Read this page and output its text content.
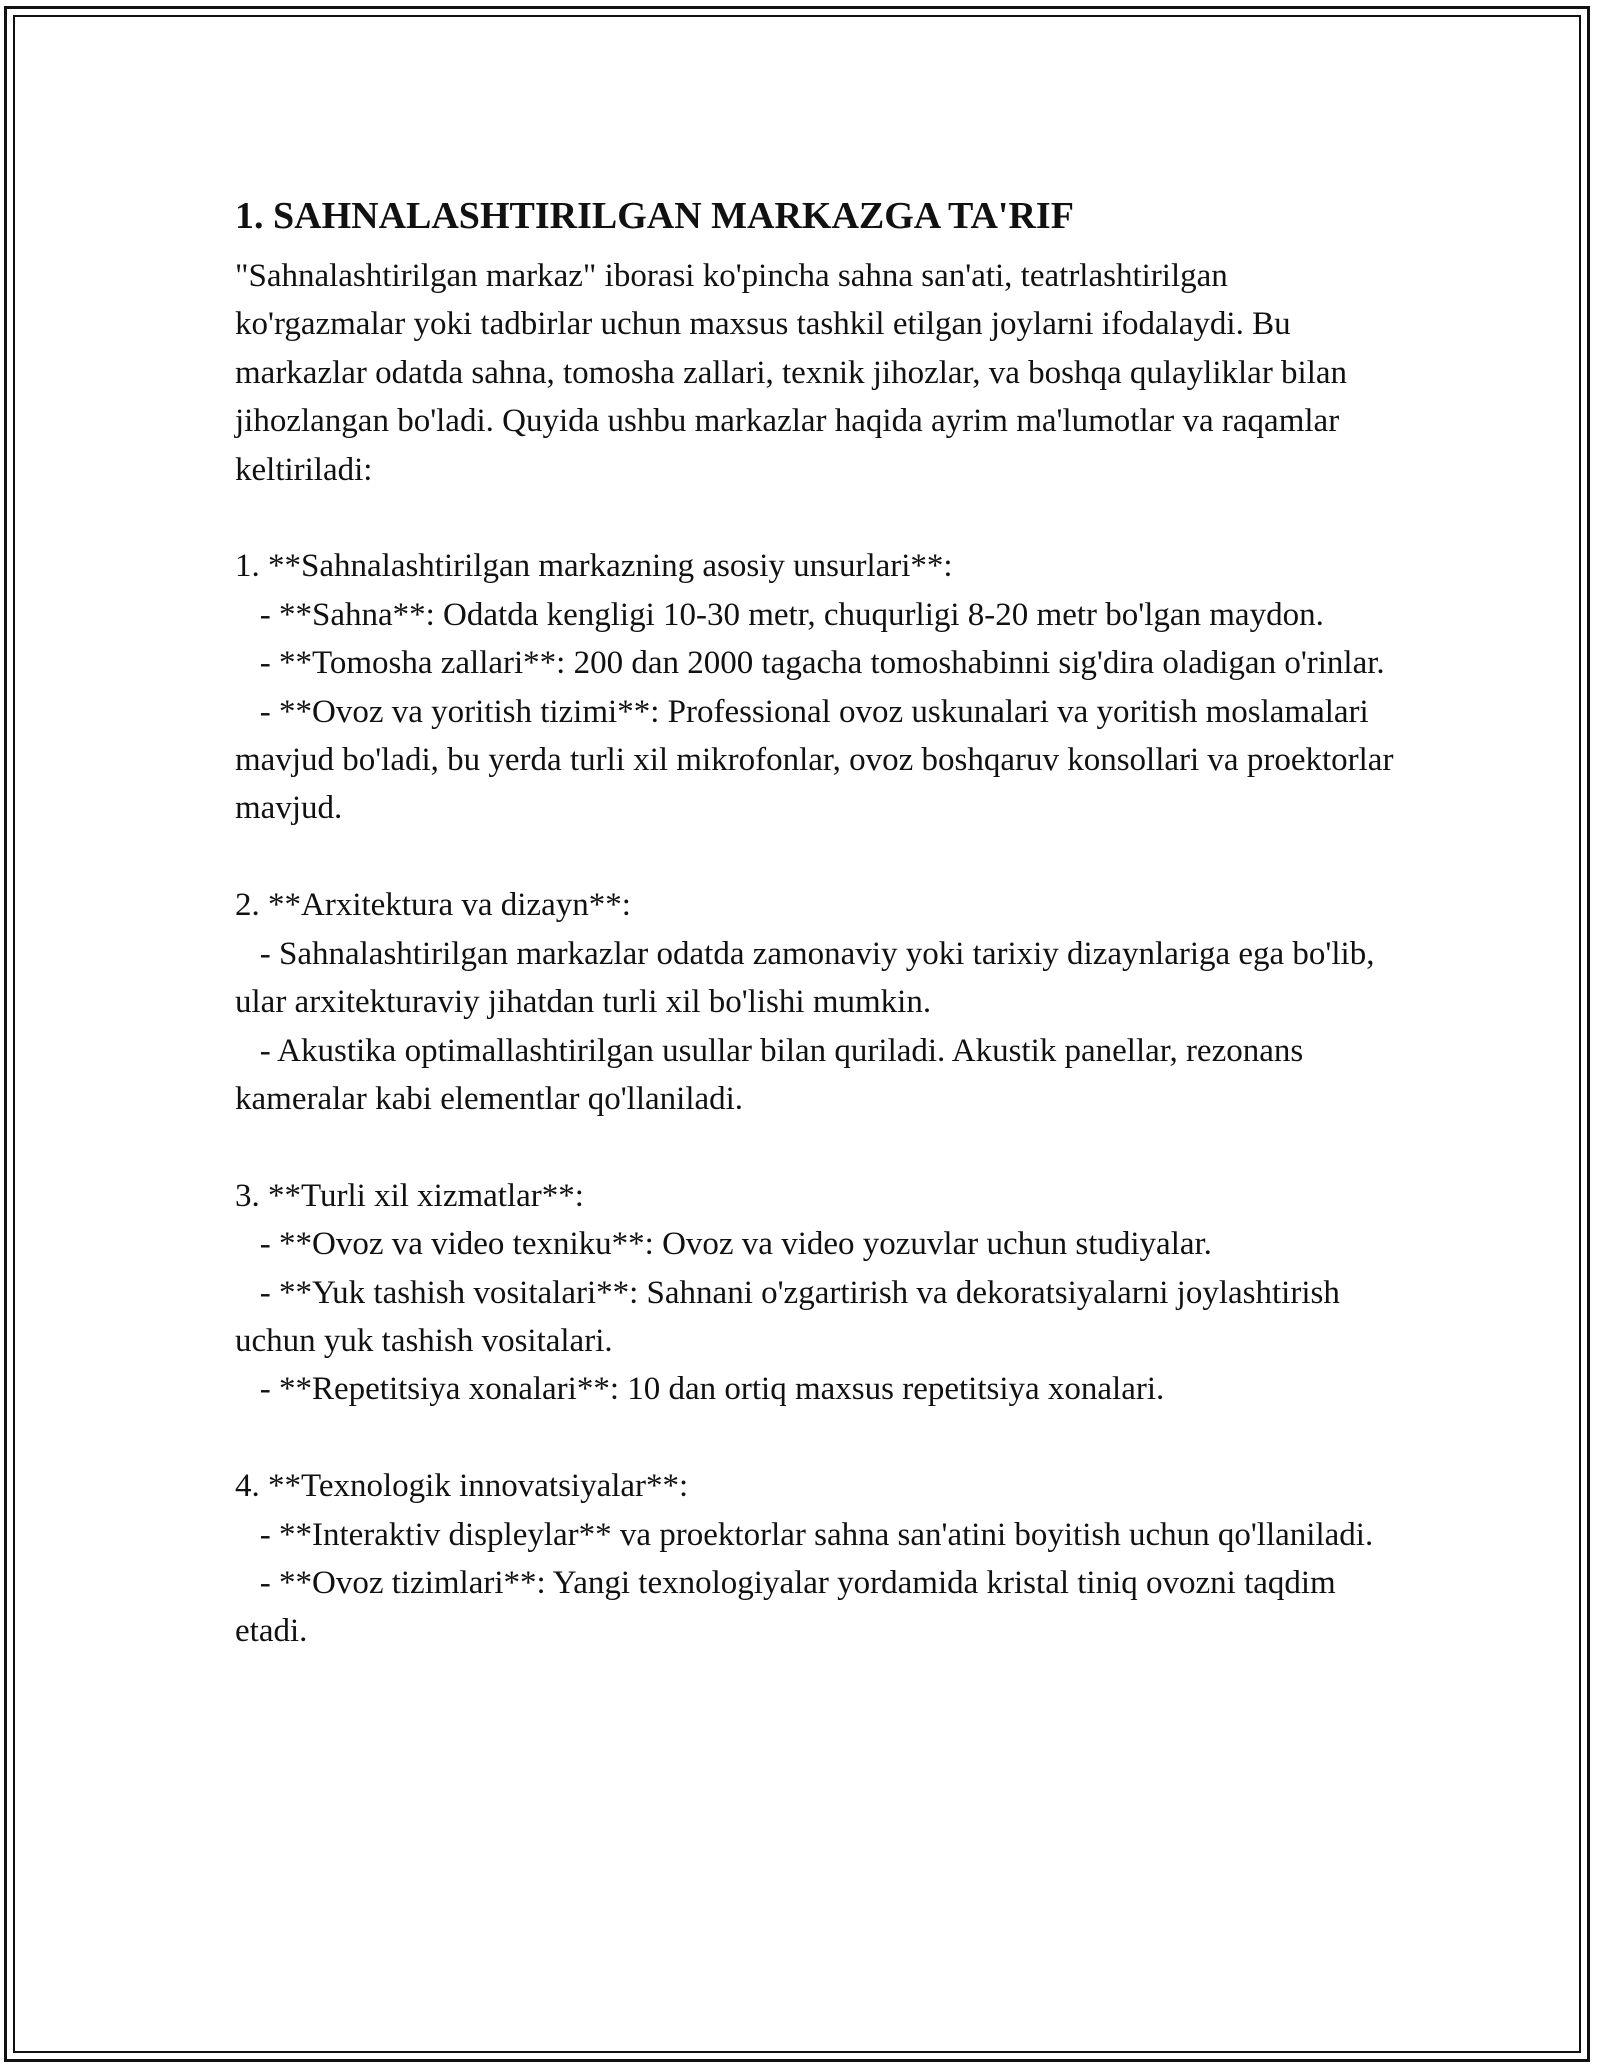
1. SAHNALASHTIRILGAN MARKAZGA TA'RIF
"Sahnalashtirilgan markaz" iborasi ko'pincha sahna san'ati, teatrlashtirilgan ko'rgazmalar yoki tadbirlar uchun maxsus tashkil etilgan joylarni ifodalaydi. Bu markazlar odatda sahna, tomosha zallari, texnik jihozlar, va boshqa qulayliklar bilan jihozlangan bo'ladi. Quyida ushbu markazlar haqida ayrim ma'lumotlar va raqamlar keltiriladi:

1. **Sahnalashtirilgan markazning asosiy unsurlari**:
- **Sahna**: Odatda kengligi 10-30 metr, chuqurligi 8-20 metr bo'lgan maydon.
- **Tomosha zallari**: 200 dan 2000 tagacha tomoshabinni sig'dira oladigan o'rinlar.
- **Ovoz va yoritish tizimi**: Professional ovoz uskunalari va yoritish moslamalari mavjud bo'ladi, bu yerda turli xil mikrofonlar, ovoz boshqaruv konsollari va proektorlar mavjud.

2. **Arxitektura va dizayn**:
- Sahnalashtirilgan markazlar odatda zamonaviy yoki tarixiy dizaynlariga ega bo'lib, ular arxitekturaviy jihatdan turli xil bo'lishi mumkin.
- Akustika optimallashtirilgan usullar bilan quriladi. Akustik panellar, rezonans kameralar kabi elementlar qo'llaniladi.

3. **Turli xil xizmatlar**:
- **Ovoz va video texniku**: Ovoz va video yozuvlar uchun studiyalar.
- **Yuk tashish vositalari**: Sahnani o'zgartirish va dekoratsiyalarni joylashtirish uchun yuk tashish vositalari.
- **Repetitsiya xonalari**: 10 dan ortiq maxsus repetitsiya xonalari.

4. **Texnologik innovatsiyalar**:
- **Interaktiv displeylar** va proektorlar sahna san'atini boyitish uchun qo'llaniladi.
- **Ovoz tizimlari**: Yangi texnologiyalar yordamida kristal tiniq ovozni taqdim etadi.
